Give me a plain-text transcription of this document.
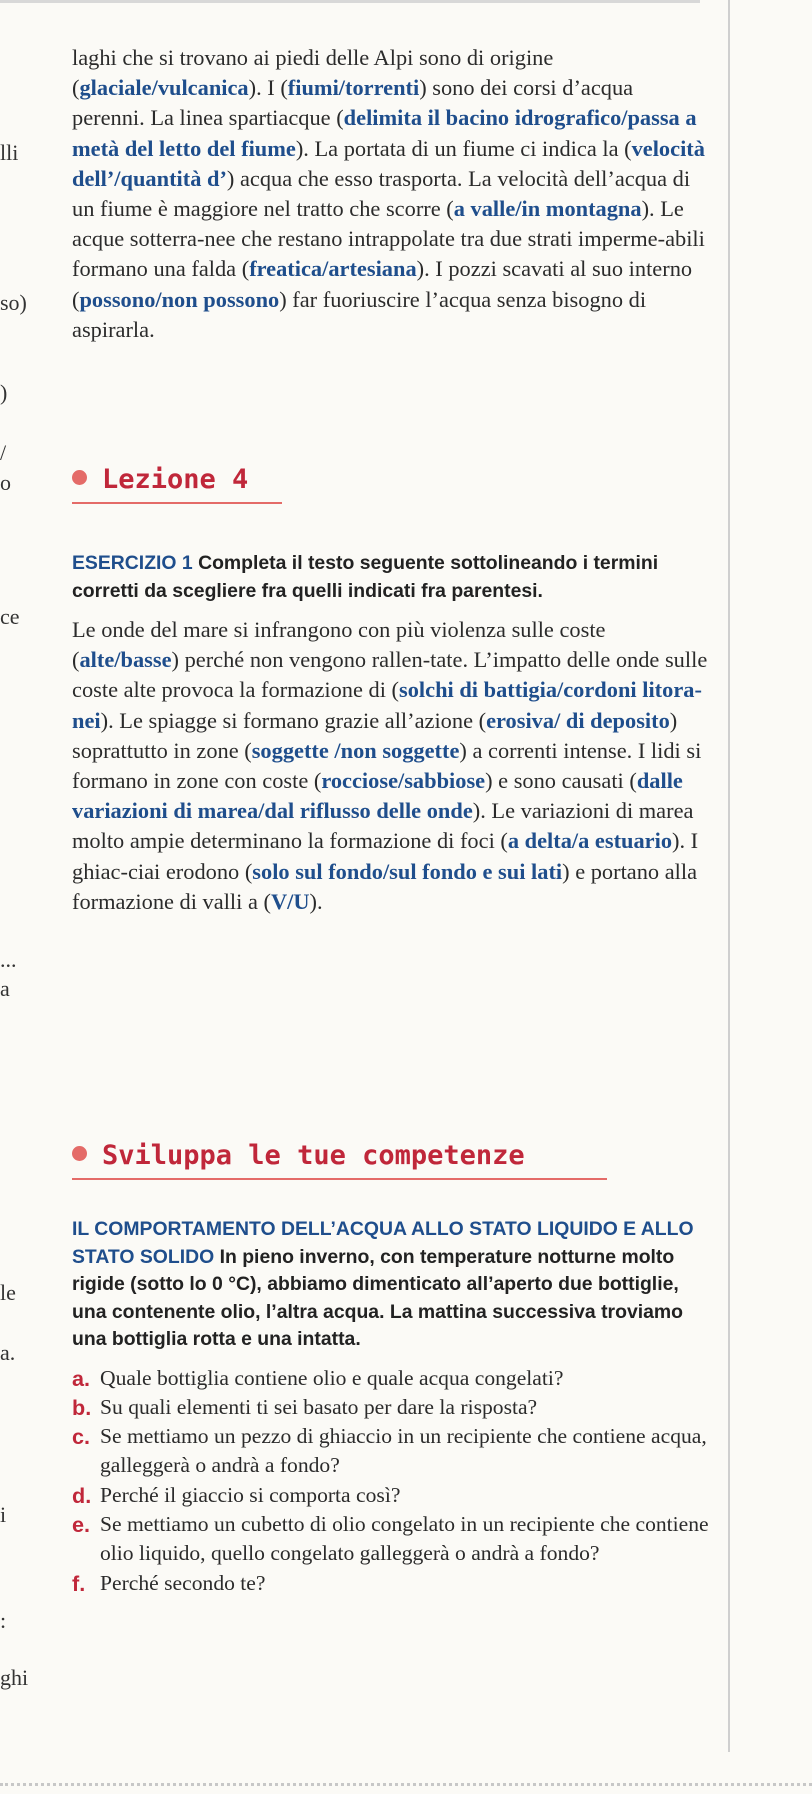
lli
so)
)
/
o
ce
...
a
le
a.
i
:
ghi

laghi che si trovano ai piedi delle Alpi sono di origine (glaciale/vulcanica). I (fiumi/torrenti) sono dei corsi d’acqua perenni. La linea spartiacque (delimita il bacino idrografico/passa a metà del letto del fiume). La portata di un fiume ci indica la (velocità dell’/quantità d’) acqua che esso trasporta. La velocità dell’acqua di un fiume è maggiore nel tratto che scorre (a valle/in montagna). Le acque sotterra-nee che restano intrappolate tra due strati imperme-abili formano una falda (freatica/artesiana). I pozzi scavati al suo interno (possono/non possono) far fuoriuscire l’acqua senza bisogno di aspirarla.

Lezione 4

ESERCIZIO 1 Completa il testo seguente sottolineando i termini corretti da scegliere fra quelli indicati fra parentesi.

Le onde del mare si infrangono con più violenza sulle coste (alte/basse) perché non vengono rallen-tate. L’impatto delle onde sulle coste alte provoca la formazione di (solchi di battigia/cordoni litora-nei). Le spiagge si formano grazie all’azione (erosiva/ di deposito) soprattutto in zone (soggette /non soggette) a correnti intense. I lidi si formano in zone con coste (rocciose/sabbiose) e sono causati (dalle variazioni di marea/dal riflusso delle onde). Le variazioni di marea molto ampie determinano la formazione di foci (a delta/a estuario). I ghiac-ciai erodono (solo sul fondo/sul fondo e sui lati) e portano alla formazione di valli a (V/U).

Sviluppa le tue competenze

IL COMPORTAMENTO DELL’ACQUA ALLO STATO LIQUIDO E ALLO STATO SOLIDO In pieno inverno, con temperature notturne molto rigide (sotto lo 0 °C), abbiamo dimenticato all’aperto due bottiglie, una contenente olio, l’altra acqua. La mattina successiva troviamo una bottiglia rotta e una intatta.

a. Quale bottiglia contiene olio e quale acqua congelati?
b. Su quali elementi ti sei basato per dare la risposta?
c. Se mettiamo un pezzo di ghiaccio in un recipiente che contiene acqua, galleggerà o andrà a fondo?
d. Perché il giaccio si comporta così?
e. Se mettiamo un cubetto di olio congelato in un recipiente che contiene olio liquido, quello congelato galleggerà o andrà a fondo?
f. Perché secondo te?
